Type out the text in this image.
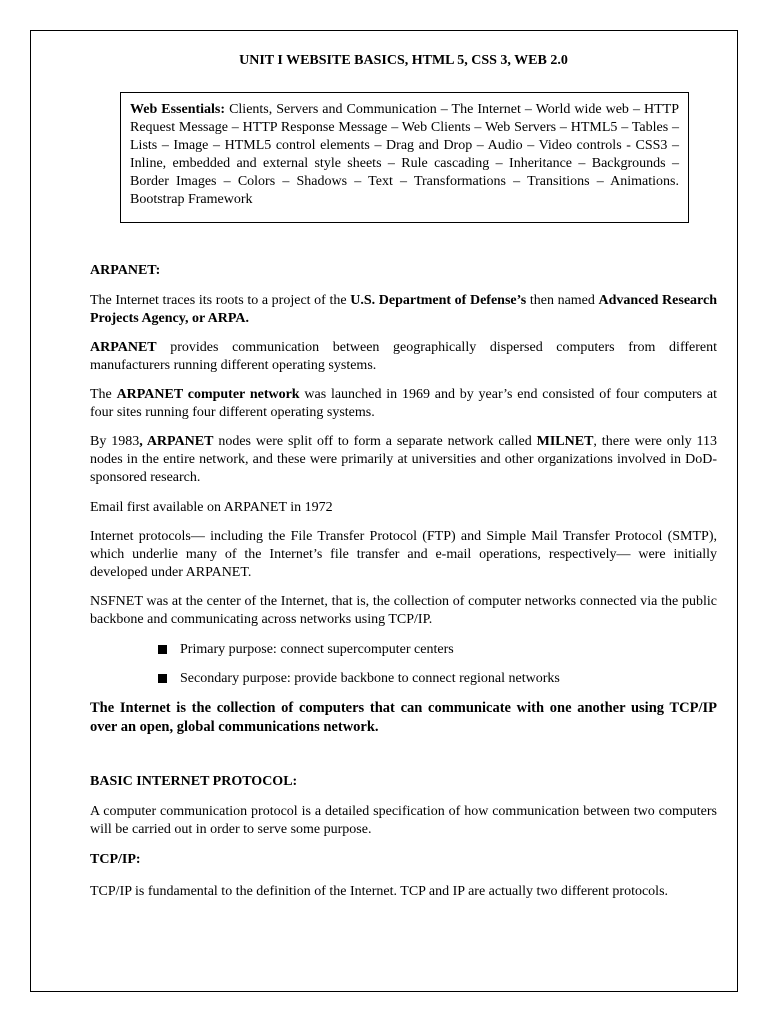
UNIT I WEBSITE BASICS, HTML 5, CSS 3, WEB 2.0
Web Essentials: Clients, Servers and Communication – The Internet – World wide web – HTTP Request Message – HTTP Response Message – Web Clients – Web Servers – HTML5 – Tables – Lists – Image – HTML5 control elements – Drag and Drop – Audio – Video controls - CSS3 – Inline, embedded and external style sheets – Rule cascading – Inheritance – Backgrounds – Border Images – Colors – Shadows – Text – Transformations – Transitions – Animations. Bootstrap Framework
ARPANET:

The Internet traces its roots to a project of the U.S. Department of Defense’s then named Advanced Research Projects Agency, or ARPA.

ARPANET provides communication between geographically dispersed computers from different manufacturers running different operating systems.

The ARPANET computer network was launched in 1969 and by year’s end consisted of four computers at four sites running four different operating systems.

By 1983, ARPANET nodes were split off to form a separate network called MILNET, there were only 113 nodes in the entire network, and these were primarily at universities and other organizations involved in DoD-sponsored research.

Email first available on ARPANET in 1972

Internet protocols— including the File Transfer Protocol (FTP) and Simple Mail Transfer Protocol (SMTP), which underlie many of the Internet’s file transfer and e-mail operations, respectively— were initially developed under ARPANET.

NSFNET was at the center of the Internet, that is, the collection of computer networks connected via the public backbone and communicating across networks using TCP/IP.

Primary purpose: connect supercomputer centers
Secondary purpose: provide backbone to connect regional networks

The Internet is the collection of computers that can communicate with one another using TCP/IP over an open, global communications network.

BASIC INTERNET PROTOCOL:

A computer communication protocol is a detailed specification of how communication between two computers will be carried out in order to serve some purpose.

TCP/IP:

TCP/IP is fundamental to the definition of the Internet. TCP and IP are actually two different protocols.
